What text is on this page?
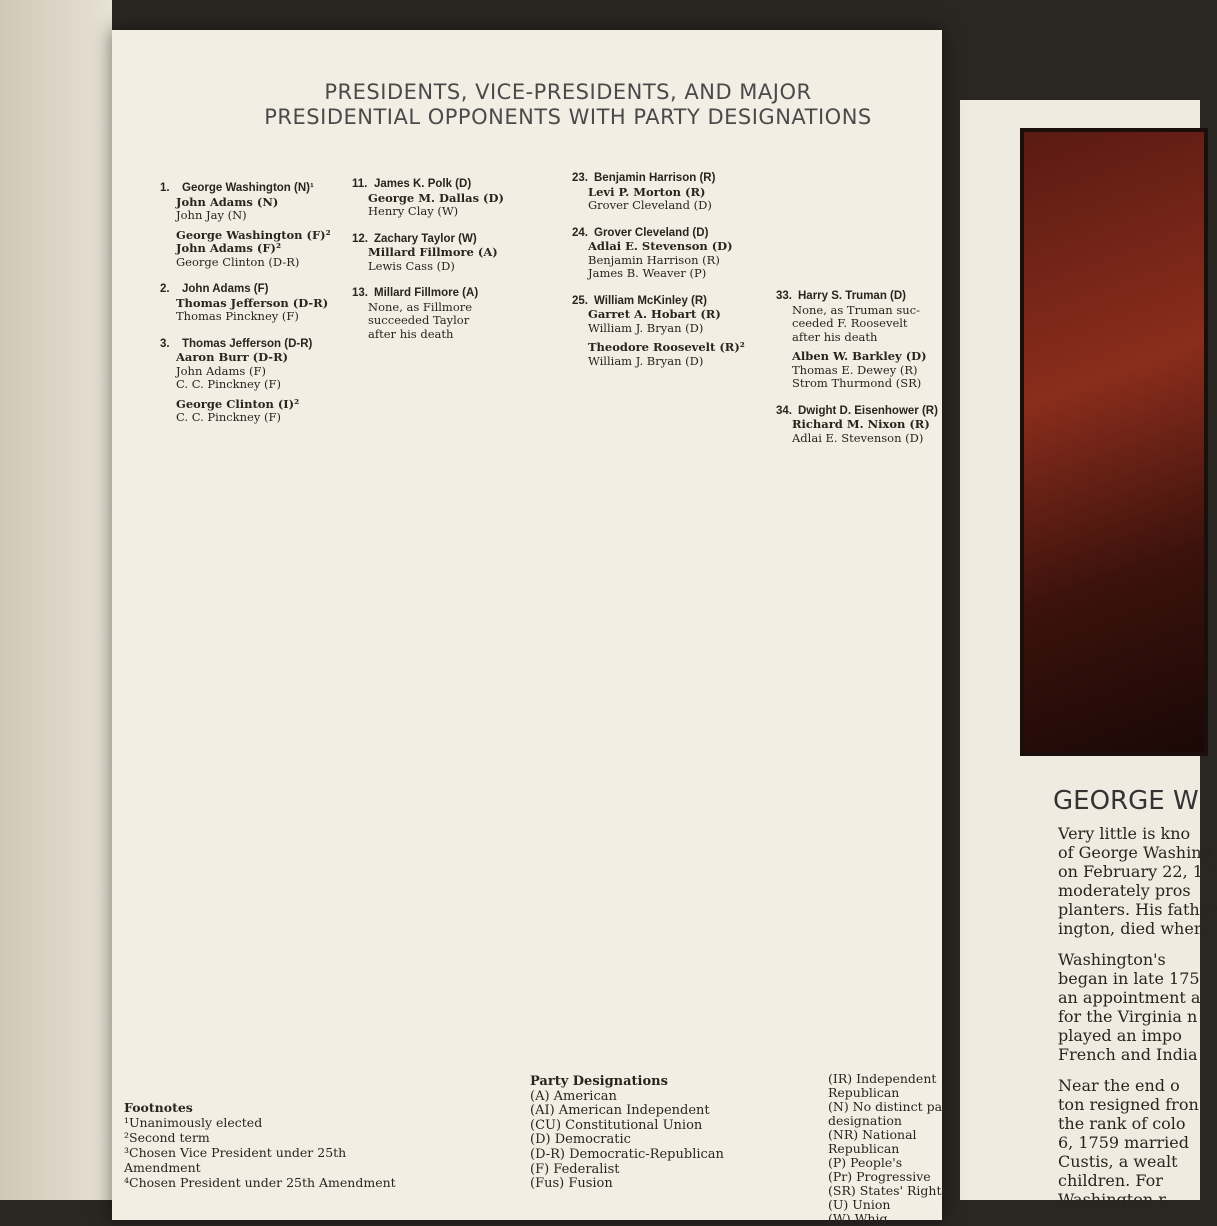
PRESIDENTS, VICE-PRESIDENTS, AND MAJOR PRESIDENTIAL OPPONENTS WITH PARTY DESIGNATIONS
1. George Washington (N)¹
John Adams (N)
John Jay (N)
George Washington (F)²
John Adams (F)²
George Clinton (D-R)
2. John Adams (F)
Thomas Jefferson (D-R)
Thomas Pinckney (F)
3. Thomas Jefferson (D-R)
Aaron Burr (D-R)
John Adams (F)
C. C. Pinckney (F)
George Clinton (I)²
C. C. Pinckney (F)
11. James K. Polk (D)
George M. Dallas (D)
Henry Clay (W)
12. Zachary Taylor (W)
Millard Fillmore (A)
Lewis Cass (D)
13. Millard Fillmore (A)
None, as Fillmore
succeeded Taylor
after his death
23. Benjamin Harrison (R)
Levi P. Morton (R)
Grover Cleveland (D)
24. Grover Cleveland (D)
Adlai E. Stevenson (D)
Benjamin Harrison (R)
James B. Weaver (P)
25. William McKinley (R)
Garret A. Hobart (R)
William J. Bryan (D)
Theodore Roosevelt (R)²
William J. Bryan (D)
33. Harry S. Truman (D)
None, as Truman suc-
ceeded F. Roosevelt
after his death
Alben W. Barkley (D)
Thomas E. Dewey (R)
Strom Thurmond (SR)
34. Dwight D. Eisenhower (R)
Richard M. Nixon (R)
Adlai E. Stevenson (D)
Footnotes
¹Unanimously elected
²Second term
³Chosen Vice President under 25th Amendment
⁴Chosen President under 25th Amendment
Party Designations
(A) American
(AI) American Independent
(CU) Constitutional Union
(D) Democratic
(D-R) Democratic-Republican
(F) Federalist
(Fus) Fusion
(IR) Independent Republican
(N) No distinct party designation
(NR) National Republican
(P) People's
(Pr) Progressive
(SR) States' Rights
(U) Union
(W) Whig
GEORGE W

Very little is kno
of George Washing
on February 22, 17
moderately pros
planters. His father
ington, died when

Washington's
began in late 175
an appointment a
for the Virginia n
played an impo
French and India

Near the end o
ton resigned fron
the rank of colo
6, 1759 married
Custis, a wealt
children. For
Washington r
